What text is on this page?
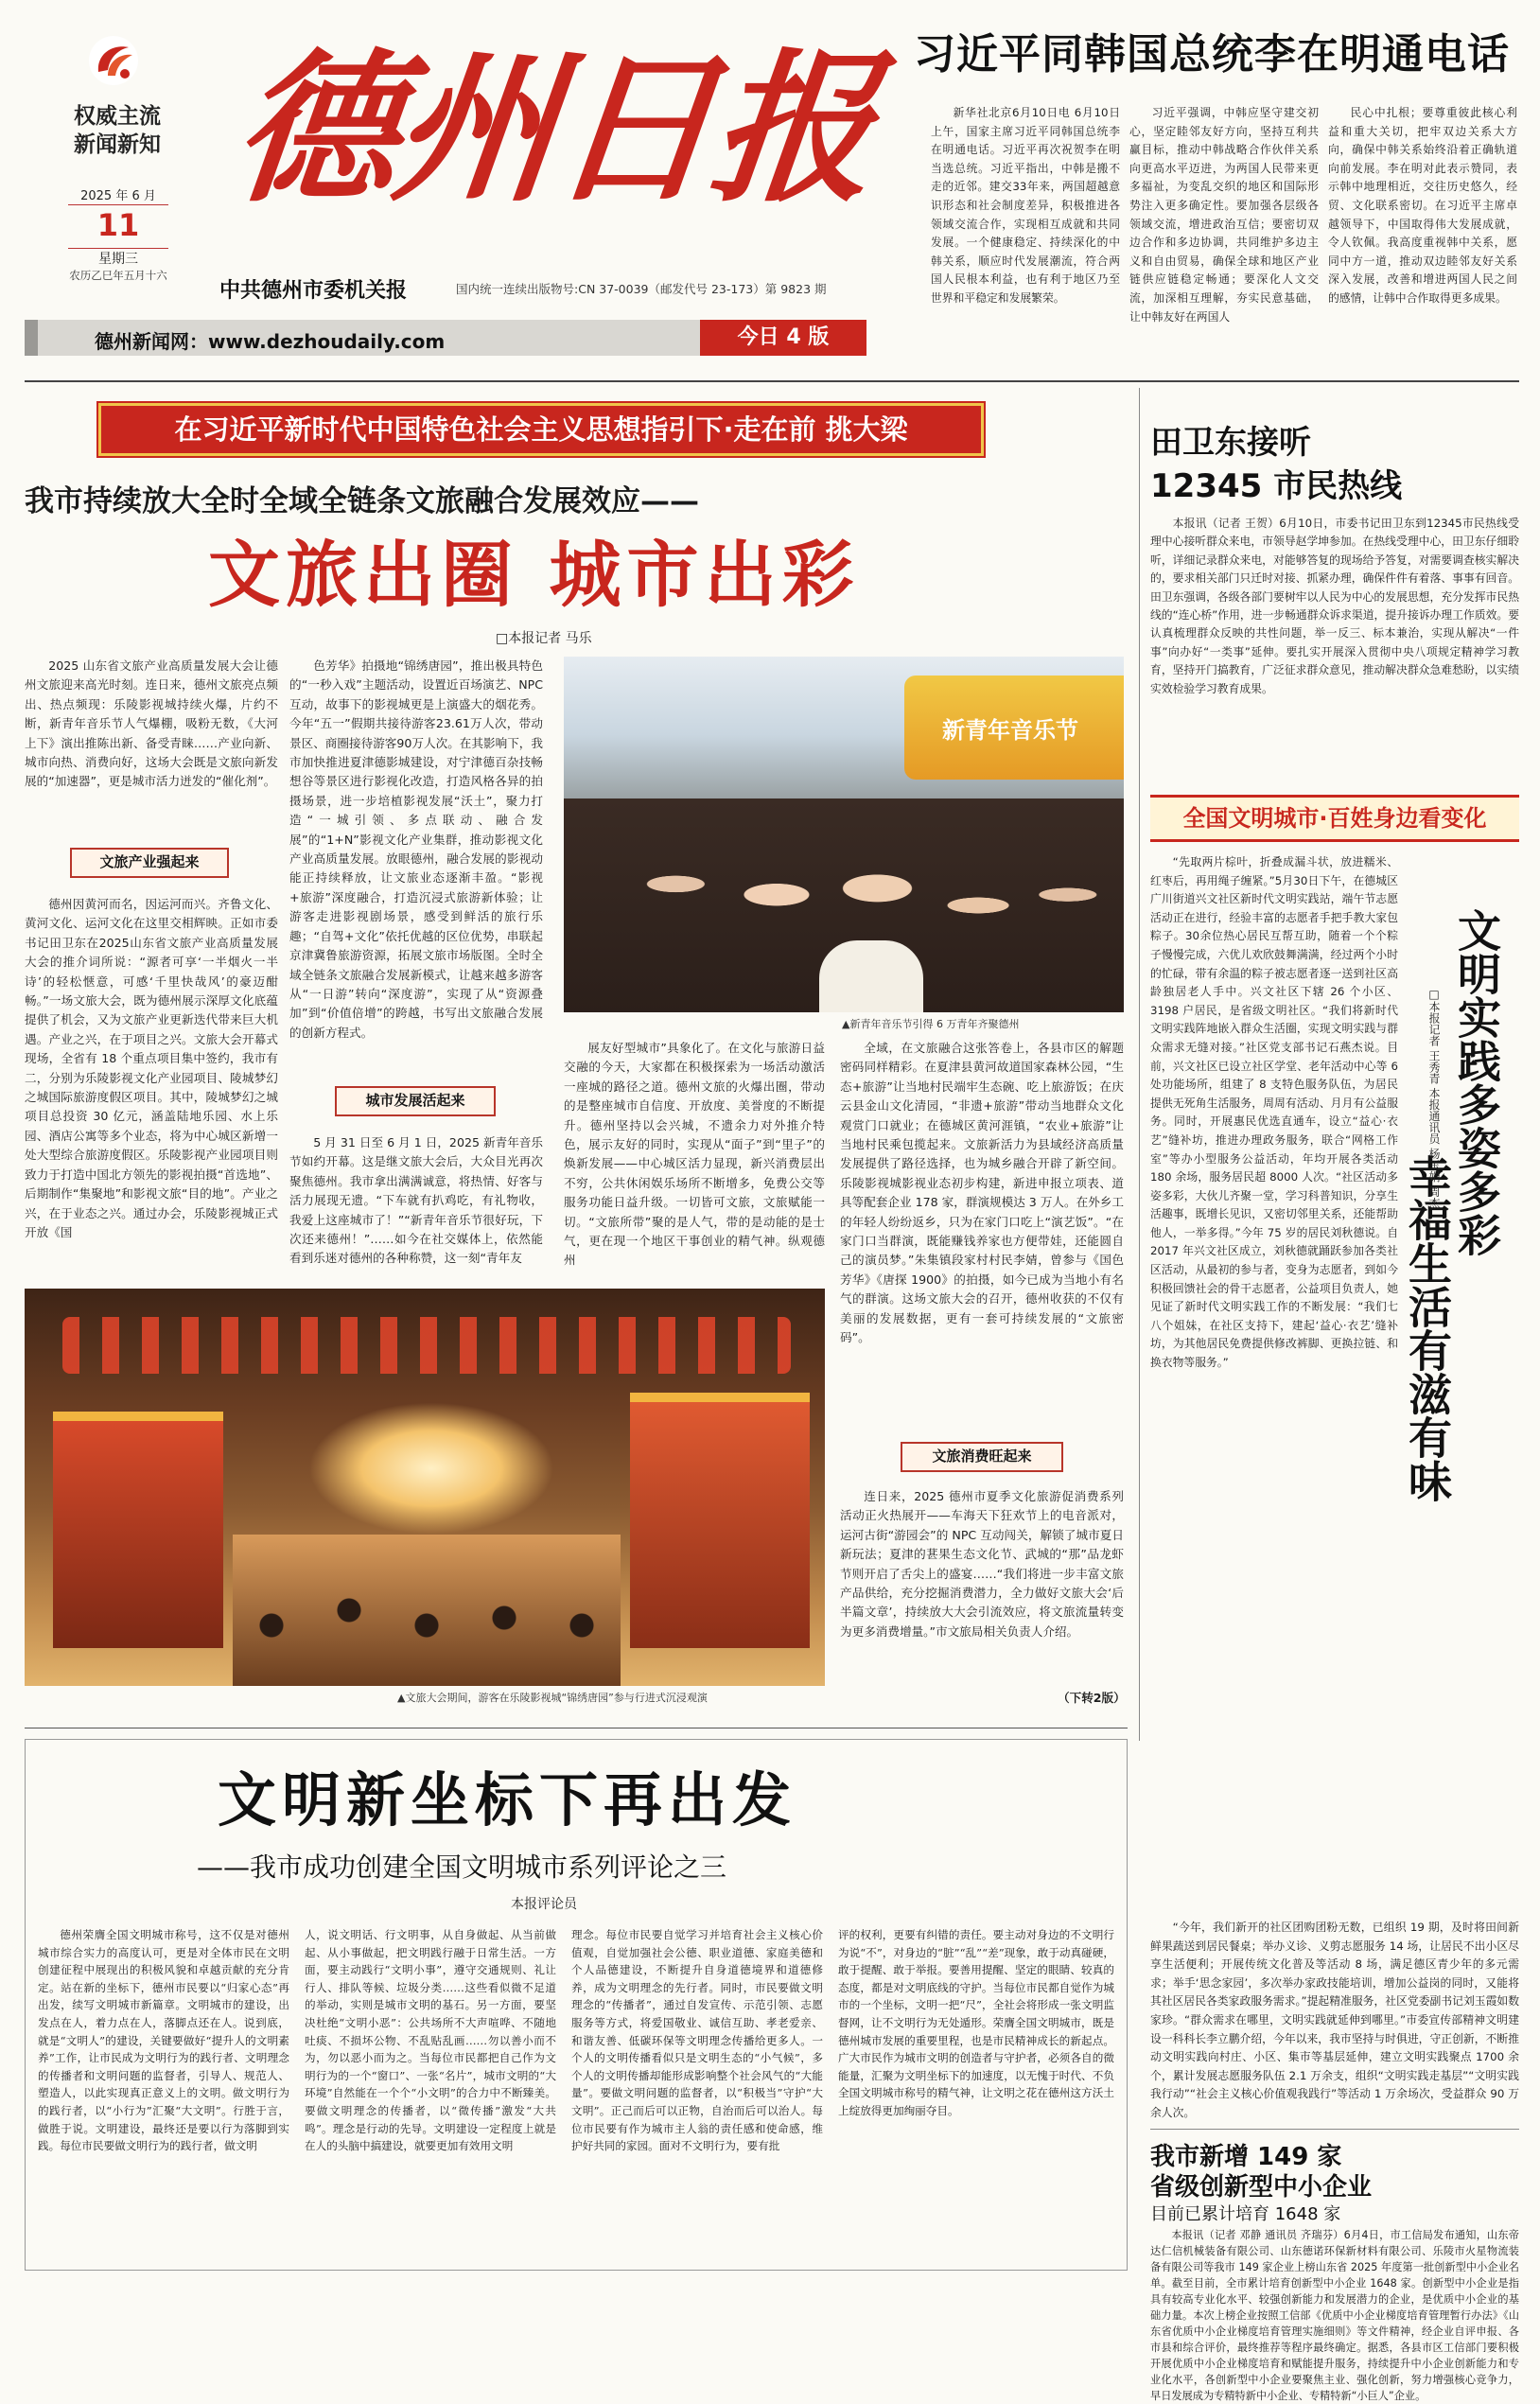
权威主流
新闻新知
2025 年 6 月
11
星期三
农历乙巳年五月十六
德州日报
中共德州市委机关报	国内统一连续出版物号:CN 37-0039（邮发代号 23-173）第 9823 期
德州新闻网：www.dezhoudaily.com	今日 4 版
习近平同韩国总统李在明通电话

新华社北京6月10日电 6月10日上午，国家主席习近平同韩国总统李在明通电话。习近平再次祝贺李在明当选总统。习近平指出，中韩是搬不走的近邻。建交33年来，两国超越意识形态和社会制度差异，积极推进各领域交流合作，实现相互成就和共同发展。一个健康稳定、持续深化的中韩关系，顺应时代发展潮流，符合两国人民根本利益，也有利于地区乃至世界和平稳定和发展繁荣。

习近平强调，中韩应坚守建交初心，坚定睦邻友好方向，坚持互利共赢目标，推动中韩战略合作伙伴关系向更高水平迈进，为两国人民带来更多福祉，为变乱交织的地区和国际形势注入更多确定性。要加强各层级各领域交流，增进政治互信；要密切双边合作和多边协调，共同维护多边主义和自由贸易，确保全球和地区产业链供应链稳定畅通；要深化人文交流，加深相互理解，夯实民意基础，让中韩友好在两国人

民心中扎根；要尊重彼此核心利益和重大关切，把牢双边关系大方向，确保中韩关系始终沿着正确轨道向前发展。李在明对此表示赞同，表示韩中地理相近，交往历史悠久，经贸、文化联系密切。在习近平主席卓越领导下，中国取得伟大发展成就，令人钦佩。我高度重视韩中关系，愿同中方一道，推动双边睦邻友好关系深入发展，改善和增进两国人民之间的感情，让韩中合作取得更多成果。

在习近平新时代中国特色社会主义思想指引下·走在前 挑大梁
我市持续放大全时全域全链条文旅融合发展效应——
文旅出圈 城市出彩
□本报记者 马乐

2025 山东省文旅产业高质量发展大会让德州文旅迎来高光时刻。连日来，德州文旅亮点频出、热点频现：乐陵影视城持续火爆，片约不断，新青年音乐节人气爆棚，吸粉无数，《大河上下》演出推陈出新、备受青睐……产业向新、城市向热、消费向好，这场大会既是文旅向新发展的“加速器”，更是城市活力迸发的“催化剂”。

文旅产业强起来

德州因黄河而名，因运河而兴。齐鲁文化、黄河文化、运河文化在这里交相辉映。正如市委书记田卫东在2025山东省文旅产业高质量发展大会的推介词所说：“源者可享‘一半烟火一半诗’的轻松惬意，可感‘千里快哉风’的豪迈酣畅。”一场文旅大会，既为德州展示深厚文化底蕴提供了机会，又为文旅产业更新迭代带来巨大机遇。产业之兴，在于项目之兴。文旅大会开幕式现场，全省有 18 个重点项目集中签约，我市有二，分别为乐陵影视文化产业园项目、陵城梦幻之城国际旅游度假区项目。其中，陵城梦幻之城项目总投资 30 亿元，涵盖陆地乐园、水上乐园、酒店公寓等多个业态，将为中心城区新增一处大型综合旅游度假区。乐陵影视产业园项目则致力于打造中国北方领先的影视拍摄“首选地”、后期制作“集聚地”和影视文旅“目的地”。产业之兴，在于业态之兴。通过办会，乐陵影视城正式开放《国

色芳华》拍摄地“锦绣唐园”，推出极具特色的“一秒入戏”主题活动，设置近百场演艺、NPC互动，故事下的影视城更是上演盛大的烟花秀。今年“五一”假期共接待游客23.61万人次，带动景区、商圈接待游客90万人次。在其影响下，我市加快推进夏津德影城建设，对宁津德百杂技畅想谷等景区进行影视化改造，打造风格各异的拍摄场景，进一步培植影视发展“沃土”，聚力打造“一城引领、多点联动、融合发展”的“1+N”影视文化产业集群，推动影视文化产业高质量发展。放眼德州，融合发展的影视动能正持续释放，让文旅业态逐渐丰盈。“影视+旅游”深度融合，打造沉浸式旅游新体验；让游客走进影视剧场景，感受到鲜活的旅行乐趣；“自驾+文化”依托优越的区位优势，串联起京津冀鲁旅游资源，拓展文旅市场版图。全时全域全链条文旅融合发展新模式，让越来越多游客从“一日游”转向“深度游”，实现了从“资源叠加”到“价值倍增”的跨越，书写出文旅融合发展的创新方程式。

城市发展活起来

5 月 31 日至 6 月 1 日，2025 新青年音乐节如约开幕。这是继文旅大会后，大众目光再次聚焦德州。我市拿出满满诚意，将热情、好客与活力展现无遗。“下车就有扒鸡吃，有礼物收，我爱上这座城市了！”“新青年音乐节很好玩，下次还来德州！”……如今在社交媒体上，依然能看到乐迷对德州的各种称赞，这一刻“青年友

新青年音乐节
▲新青年音乐节引得 6 万青年齐聚德州

展友好型城市”具象化了。在文化与旅游日益交融的今天，大家都在积极探索为一场活动激活一座城的路径之道。德州文旅的火爆出圈，带动的是整座城市自信度、开放度、美誉度的不断提升。德州坚持以会兴城，不遗余力对外推介特色，展示友好的同时，实现从“面子”到“里子”的焕新发展——中心城区活力显现，新兴消费层出不穷，公共休闲娱乐场所不断增多，免费公交等服务功能日益升级。一切皆可文旅，文旅赋能一切。“文旅所带”聚的是人气，带的是动能的是士气，更在现一个地区干事创业的精气神。纵观德州

全域，在文旅融合这张答卷上，各县市区的解题密码同样精彩。在夏津县黄河故道国家森林公园，“生态+旅游”让当地村民端牢生态碗、吃上旅游饭；在庆云县金山文化清园，“非遗+旅游”带动当地群众文化观赏门口就业；在德城区黄河涯镇，“农业+旅游”让当地村民乘包揽起来。文旅新活力为县域经济高质量发展提供了路径选择，也为城乡融合开辟了新空间。乐陵影视城影视业态初步构建，新进申报立项表、道具等配套企业 178 家，群演规模达 3 万人。在外乡工的年轻人纷纷返乡，只为在家门口吃上“演艺饭”。“在家门口当群演，既能赚钱养家也方便带娃，还能圆自己的演员梦。”朱集镇段家村村民李婧，曾参与《国色芳华》《唐探 1900》的拍摄，如今已成为当地小有名气的群演。这场文旅大会的召开，德州收获的不仅有美丽的发展数据，更有一套可持续发展的“文旅密码”。

▲文旅大会期间，游客在乐陵影视城“锦绣唐园”参与行进式沉浸观演
文旅消费旺起来

连日来，2025 德州市夏季文化旅游促消费系列活动正火热展开——车海天下狂欢节上的电音派对，运河古街“游园会”的 NPC 互动闯关，解锁了城市夏日新玩法；夏津的葚果生态文化节、武城的“那”品龙虾节则开启了舌尖上的盛宴……“我们将进一步丰富文旅产品供给，充分挖掘消费潜力，全力做好文旅大会‘后半篇文章’，持续放大大会引流效应，将文旅流量转变为更多消费增量。”市文旅局相关负责人介绍。

（下转2版）
田卫东接听
12345 市民热线

本报讯（记者 王贺）6月10日，市委书记田卫东到12345市民热线受理中心接听群众来电，市领导赵学坤参加。在热线受理中心，田卫东仔细聆听，详细记录群众来电，对能够答复的现场给予答复，对需要调查核实解决的，要求相关部门只迁时对接、抓紧办理，确保件件有着落、事事有回音。田卫东强调，各级各部门要树牢以人民为中心的发展思想，充分发挥市民热线的“连心桥”作用，进一步畅通群众诉求渠道，提升接诉办理工作质效。要认真梳理群众反映的共性问题，举一反三、标本兼治，实现从解决“一件事”向办好“一类事”延伸。要扎实开展深入贯彻中央八项规定精神学习教育，坚持开门搞教育，广泛征求群众意见，推动解决群众急难愁盼，以实绩实效检验学习教育成果。

全国文明城市·百姓身边看变化

“先取两片棕叶，折叠成漏斗状，放进糯米、红枣后，再用绳子缠紧。”5月30日下午，在德城区广川街道兴文社区新时代文明实践站，端午节志愿活动正在进行，经验丰富的志愿者手把手教大家包粽子。30余位热心居民互帮互助，随着一个个粽子慢慢完成，六优儿欢欣鼓舞满满，经过两个小时的忙碌，带有余温的粽子被志愿者逐一送到社区高龄独居老人手中。兴文社区下辖 26 个小区、3198 户居民，是省级文明社区。“我们将新时代文明实践阵地嵌入群众生活圈，实现文明实践与群众需求无缝对接。”社区党支部书记石燕杰说。目前，兴文社区已设立社区学堂、老年活动中心等 6 处功能场所，组建了 8 支特色服务队伍，为居民提供无死角生活服务，周周有活动、月月有公益服务。同时，开展惠民优选直通车，设立“益心·衣艺”缝补坊，推进办理政务服务，联合“网格工作室”等办小型服务公益活动，年均开展各类活动 180 余场，服务居民超 8000 人次。“社区活动多姿多彩，大伙儿齐聚一堂，学习科普知识，分享生活趣事，既增长见识，又密切邻里关系，还能帮助他人，一举多得。”今年 75 岁的居民刘秋德说。自 2017 年兴文社区成立，刘秋德就踊跃参加各类社区活动，从最初的参与者，变身为志愿者，到如今积极回馈社会的骨干志愿者，公益项目负责人，她见证了新时代文明实践工作的不断发展：“我们七八个姐妹，在社区支持下，建起‘益心·衣艺’缝补坊，为其他居民免费提供修改裤脚、更换拉链、和换衣物等服务。”

“今年，我们新开的社区团购团粉无数，已组织 19 期，及时将田间新鲜果蔬送到居民餐桌；举办义诊、义剪志愿服务 14 场，让居民不出小区尽享生活便利；开展传统文化普及等活动 8 场，满足德区青少年的多元需求；举手‘思念家园’，多次举办家政技能培训，增加公益岗的同时，又能将其社区居民各类家政服务需求。”提起精准服务，社区党委副书记刘玉霞如数家珍。“群众需求在哪里，文明实践就延伸到哪里。”市委宣传部精神文明建设一科科长李立鹏介绍，今年以来，我市坚持与时俱进，守正创新，不断推动文明实践向村庄、小区、集市等基层延伸，建立文明实践聚点 1700 余个，累计发展志愿服务队伍 2.1 万余支，组织“文明实践走基层”“文明实践我行动”“社会主义核心价值观我践行”等活动 1 万余场次，受益群众 90 万余人次。

文明实践多姿多彩
幸福生活有滋有味
□本报记者 王秀青 本报通讯员 杨玉娟 周杰
文明新坐标下再出发
——我市成功创建全国文明城市系列评论之三
本报评论员

德州荣膺全国文明城市称号，这不仅是对德州城市综合实力的高度认可，更是对全体市民在文明创建征程中展现出的积极风貌和卓越贡献的充分肯定。站在新的坐标下，德州市民要以“归家心态”再出发，续写文明城市新篇章。文明城市的建设，出发点在人，着力点在人，落脚点还在人。说到底，就是“文明人”的建设，关键要做好“提升人的文明素养”工作，让市民成为文明行为的践行者、文明理念的传播者和文明问题的监督者，引导人、规范人、塑造人，以此实现真正意义上的文明。做文明行为的践行者，以“小行为”汇聚“大文明”。行胜于言，做胜于说。文明建设，最终还是要以行为落脚到实践。每位市民要做文明行为的践行者，做文明

人，说文明话、行文明事，从自身做起、从当前做起、从小事做起，把文明践行融于日常生活。一方面，要主动践行“文明小事”，遵守交通规则、礼让行人、排队等候、垃圾分类……这些看似微不足道的举动，实则是城市文明的基石。另一方面，要坚决杜绝“文明小恶”：公共场所不大声喧哗、不随地吐痰、不损坏公物、不乱贴乱画……勿以善小而不为，勿以恶小而为之。当每位市民都把自己作为文明行为的一个“窗口”、一张“名片”，城市文明的“大环境”自然能在一个个“小文明”的合力中不断臻美。要做文明理念的传播者，以“微传播”激发“大共鸣”。理念是行动的先导。文明建设一定程度上就是在人的头脑中搞建设，就要更加有效用文明

理念。每位市民要自觉学习并培育社会主义核心价值观，自觉加强社会公德、职业道德、家庭美德和个人品德建设，不断提升自身道德境界和道德修养，成为文明理念的先行者。同时，市民要做文明理念的“传播者”，通过自发宣传、示范引领、志愿服务等方式，将爱国敬业、诚信互助、孝老爱亲、和谐友善、低碳环保等文明理念传播给更多人。一个人的文明传播看似只是文明生态的“小气候”，多个人的文明传播却能形成影响整个社会风气的“大能量”。要做文明问题的监督者，以“积极当”守护“大文明”。正己而后可以正物，自治而后可以治人。每位市民要有作为城市主人翁的责任感和使命感，维护好共同的家园。面对不文明行为，要有批

评的权利，更要有纠错的责任。要主动对身边的不文明行为说“不”，对身边的“脏”“乱”“差”现象，敢于动真碰硬，敢于提醒、敢于举报。要善用提醒、坚定的眼睛、较真的态度，都是对文明底线的守护。当每位市民都自觉作为城市的一个坐标，文明一把“尺”，全社会将形成一张文明监督网，让不文明行为无处遁形。荣膺全国文明城市，既是德州城市发展的重要里程，也是市民精神成长的新起点。广大市民作为城市文明的创造者与守护者，必须各自的微能量，汇聚为文明坐标下的加速度，以无愧于时代、不负全国文明城市称号的精气神，让文明之花在德州这方沃土上绽放得更加绚丽夺目。

我市新增 149 家
省级创新型中小企业
目前已累计培育 1648 家

本报讯（记者 邓静 通讯员 齐瑞芬）6月4日，市工信局发布通知，山东帝达仁信机械装备有限公司、山东德诺环保新材料有限公司、乐陵市火星物流装备有限公司等我市 149 家企业上榜山东省 2025 年度第一批创新型中小企业名单。截至目前，全市累计培育创新型中小企业 1648 家。创新型中小企业是指具有较高专业化水平、较强创新能力和发展潜力的企业，是优质中小企业的基础力量。本次上榜企业按照工信部《优质中小企业梯度培育管理暂行办法》《山东省优质中小企业梯度培育管理实施细则》等文件精神，经企业自评申报、各市县和综合评价，最终推荐等程序最终确定。据悉，各县市区工信部门要积极开展优质中小企业梯度培育和赋能提升服务，持续提升中小企业创新能力和专业化水平，各创新型中小企业要聚焦主业、强化创新，努力增强核心竞争力，早日发展成为专精特新中小企业、专精特新“小巨人”企业。
